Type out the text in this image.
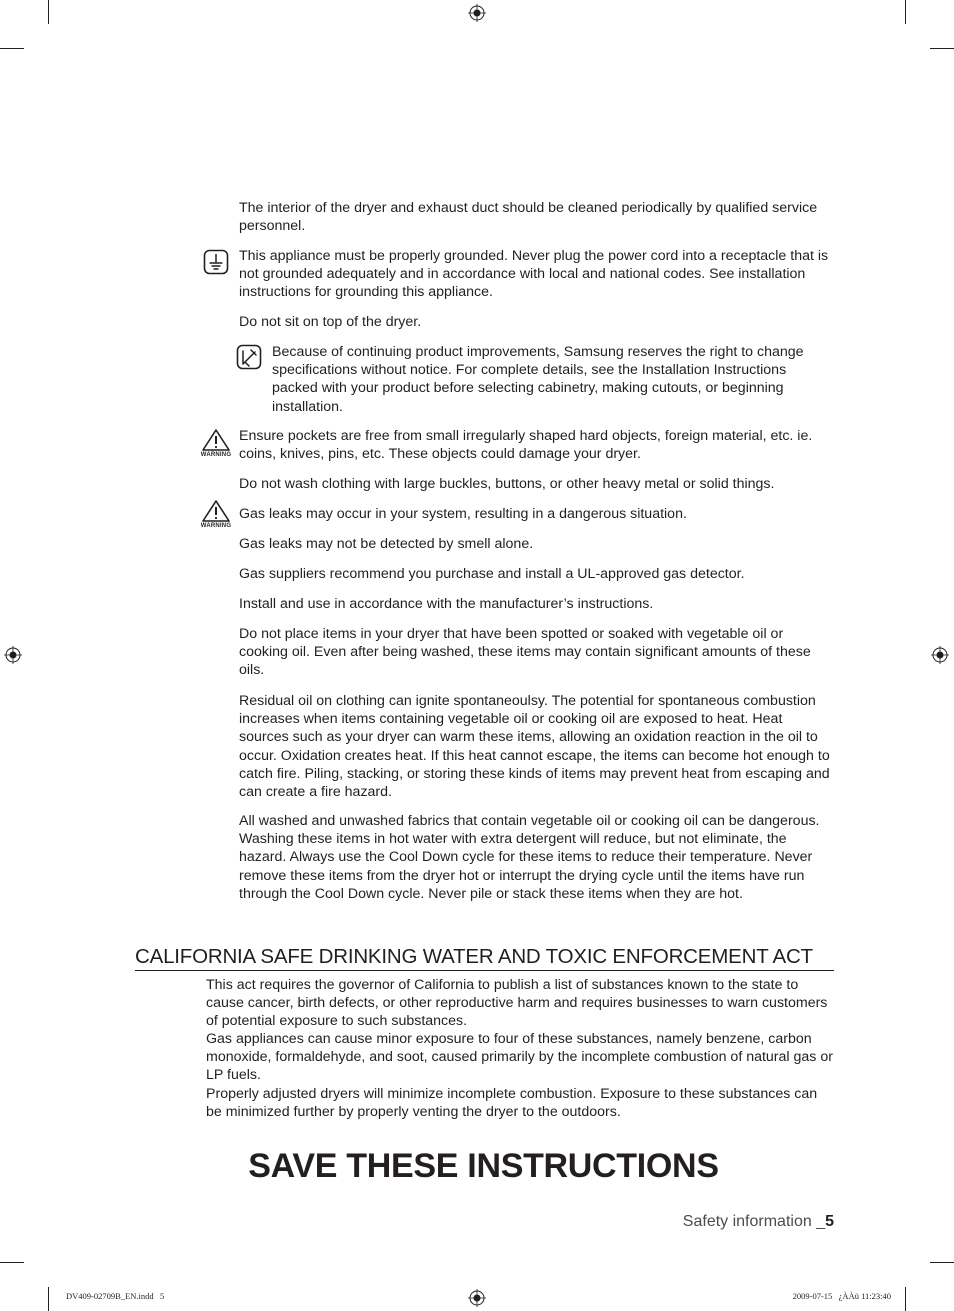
The interior of the dryer and exhaust duct should be cleaned periodically by qualified service personnel.

This appliance must be properly grounded. Never plug the power cord into a receptacle that is not grounded adequately and in accordance with local and national codes. See installation instructions for grounding this appliance.

Do not sit on top of the dryer.

Because of continuing product improvements, Samsung reserves the right to change specifications without notice. For complete details, see the Installation Instructions packed with your product before selecting cabinetry, making cutouts, or beginning installation.

WARNING

Ensure pockets are free from small irregularly shaped hard objects, foreign material, etc. ie. coins, knives, pins, etc. These objects could damage your dryer.

Do not wash clothing with large buckles, buttons, or other heavy metal or solid things.

WARNING

Gas leaks may occur in your system, resulting in a dangerous situation.

Gas leaks may not be detected by smell alone.

Gas suppliers recommend you purchase and install a UL-approved gas detector.

Install and use in accordance with the manufacturer’s instructions.

Do not place items in your dryer that have been spotted or soaked with vegetable oil or cooking oil. Even after being washed, these items may contain significant amounts of these oils.

Residual oil on clothing can ignite spontaneoulsy. The potential for spontaneous combustion increases when items containing vegetable oil or cooking oil are exposed to heat. Heat sources such as your dryer can warm these items, allowing an oxidation reaction in the oil to occur. Oxidation creates heat. If this heat cannot escape, the items can become hot enough to catch fire. Piling, stacking, or storing these kinds of items may prevent heat from escaping and can create a fire hazard.

All washed and unwashed fabrics that contain vegetable oil or cooking oil can be dangerous. Washing these items in hot water with extra detergent will reduce, but not eliminate, the hazard. Always use the Cool Down cycle for these items to reduce their temperature. Never remove these items from the dryer hot or interrupt the drying cycle until the items have run through the Cool Down cycle. Never pile or stack these items when they are hot.

CALIFORNIA SAFE DRINKING WATER AND TOXIC ENFORCEMENT ACT

This act requires the governor of California to publish a list of substances known to the state to cause cancer, birth defects, or other reproductive harm and requires businesses to warn customers of potential exposure to such substances.

Gas appliances can cause minor exposure to four of these substances, namely benzene, carbon monoxide, formaldehyde, and soot, caused primarily by the incomplete combustion of natural gas or LP fuels.

Properly adjusted dryers will minimize incomplete combustion. Exposure to these substances can be minimized further by properly venting the dryer to the outdoors.

SAVE THESE INSTRUCTIONS
Safety information _5
DV409-02709B_EN.indd   5	2009-07-15   ¿ÀÀü 11:23:40
